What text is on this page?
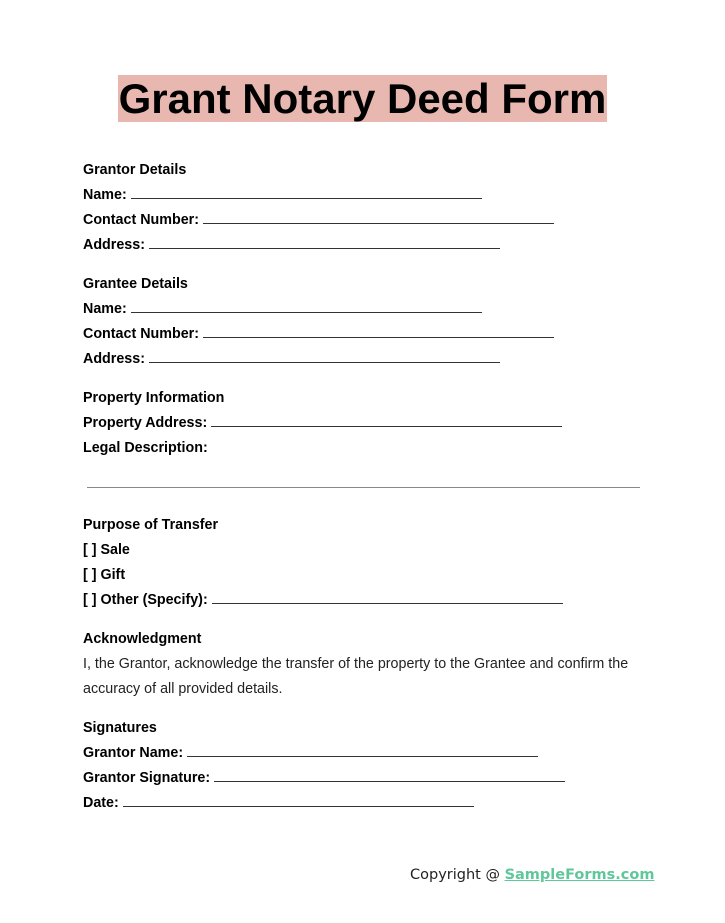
Grant Notary Deed Form
Grantor Details
Name:
Contact Number:
Address:
Grantee Details
Name:
Contact Number:
Address:
Property Information
Property Address:
Legal Description:
Purpose of Transfer
[ ] Sale
[ ] Gift
[ ] Other (Specify):
Acknowledgment
I, the Grantor, acknowledge the transfer of the property to the Grantee and confirm the accuracy of all provided details.
Signatures
Grantor Name:
Grantor Signature:
Date:
Copyright @ SampleForms.com
